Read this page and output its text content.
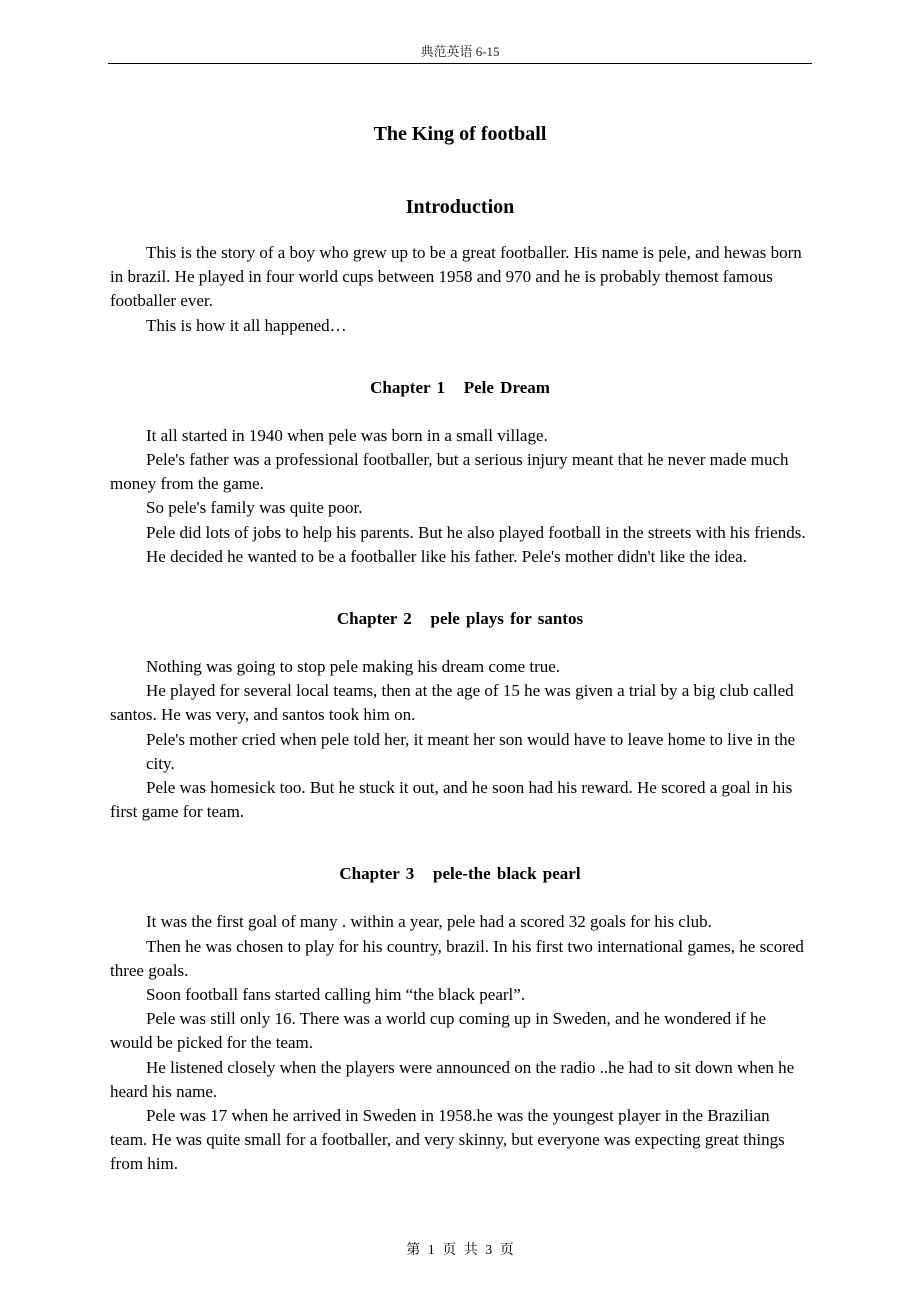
典范英语 6-15
The King of football
Introduction

This is the story of a boy who grew up to be a great footballer. His name is pele, and hewas born in brazil. He played in four world cups between 1958 and 970 and he is probably themost famous footballer ever.

This is how it all happened…

Chapter 1   Pele Dream

It all started in 1940 when pele was born in a small village.

Pele's father was a professional footballer, but a serious injury meant that he never made much money from the game.

So pele's family was quite poor.

Pele did lots of jobs to help his parents. But he also played football in the streets with his friends.

He decided he wanted to be a footballer like his father. Pele's mother didn't like the idea.

Chapter 2   pele plays for santos

Nothing was going to stop pele making his dream come true.

He played for several local teams, then at the age of 15 he was given a trial by a big club called santos. He was very, and santos took him on.

Pele's mother cried when pele told her, it meant her son would have to leave home to live in the city.

Pele was homesick too. But he stuck it out, and he soon had his reward. He scored a goal in his first game for team.

Chapter 3   pele-the black pearl

It was the first goal of many . within a year, pele had a scored 32 goals for his club.

Then he was chosen to play for his country, brazil. In his first two international games, he scored three goals.

Soon football fans started calling him “the black pearl”.

Pele was still only 16. There was a world cup coming up in Sweden, and he wondered if he would be picked for the team.

He listened closely when the players were announced on the radio ..he had to sit down when he heard his name.

Pele was 17 when he arrived in Sweden in 1958.he was the youngest player in the Brazilian team. He was quite small for a footballer, and very skinny, but everyone was expecting great things from him.

第 1 页 共 3 页
